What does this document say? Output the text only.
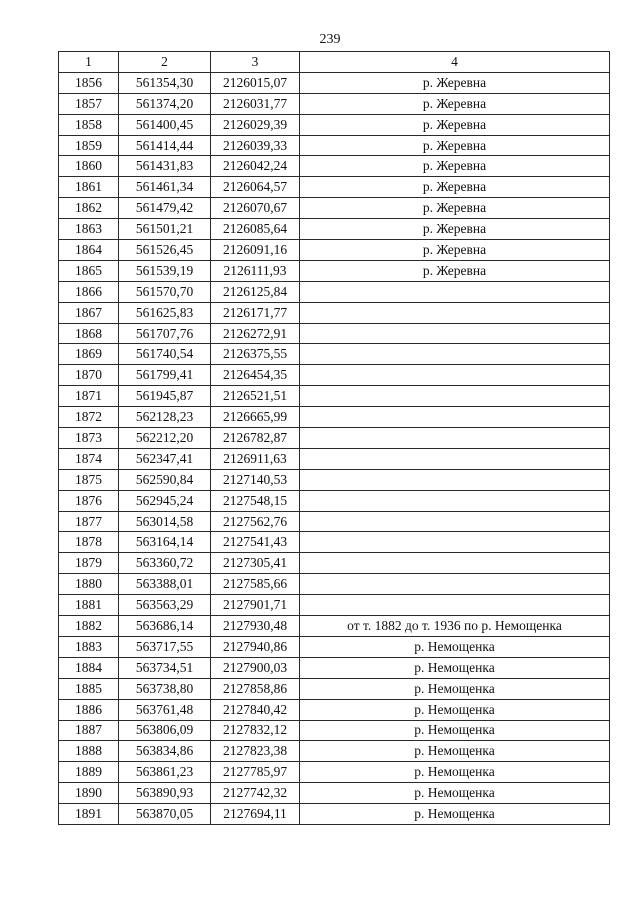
239
1	2	3	4
1856	561354,30	2126015,07	р. Жеревна
1857	561374,20	2126031,77	р. Жеревна
1858	561400,45	2126029,39	р. Жеревна
1859	561414,44	2126039,33	р. Жеревна
1860	561431,83	2126042,24	р. Жеревна
1861	561461,34	2126064,57	р. Жеревна
1862	561479,42	2126070,67	р. Жеревна
1863	561501,21	2126085,64	р. Жеревна
1864	561526,45	2126091,16	р. Жеревна
1865	561539,19	2126111,93	р. Жеревна
1866	561570,70	2126125,84	
1867	561625,83	2126171,77	
1868	561707,76	2126272,91	
1869	561740,54	2126375,55	
1870	561799,41	2126454,35	
1871	561945,87	2126521,51	
1872	562128,23	2126665,99	
1873	562212,20	2126782,87	
1874	562347,41	2126911,63	
1875	562590,84	2127140,53	
1876	562945,24	2127548,15	
1877	563014,58	2127562,76	
1878	563164,14	2127541,43	
1879	563360,72	2127305,41	
1880	563388,01	2127585,66	
1881	563563,29	2127901,71	
1882	563686,14	2127930,48	от т. 1882 до т. 1936 по р. Немощенка
1883	563717,55	2127940,86	р. Немощенка
1884	563734,51	2127900,03	р. Немощенка
1885	563738,80	2127858,86	р. Немощенка
1886	563761,48	2127840,42	р. Немощенка
1887	563806,09	2127832,12	р. Немощенка
1888	563834,86	2127823,38	р. Немощенка
1889	563861,23	2127785,97	р. Немощенка
1890	563890,93	2127742,32	р. Немощенка
1891	563870,05	2127694,11	р. Немощенка
